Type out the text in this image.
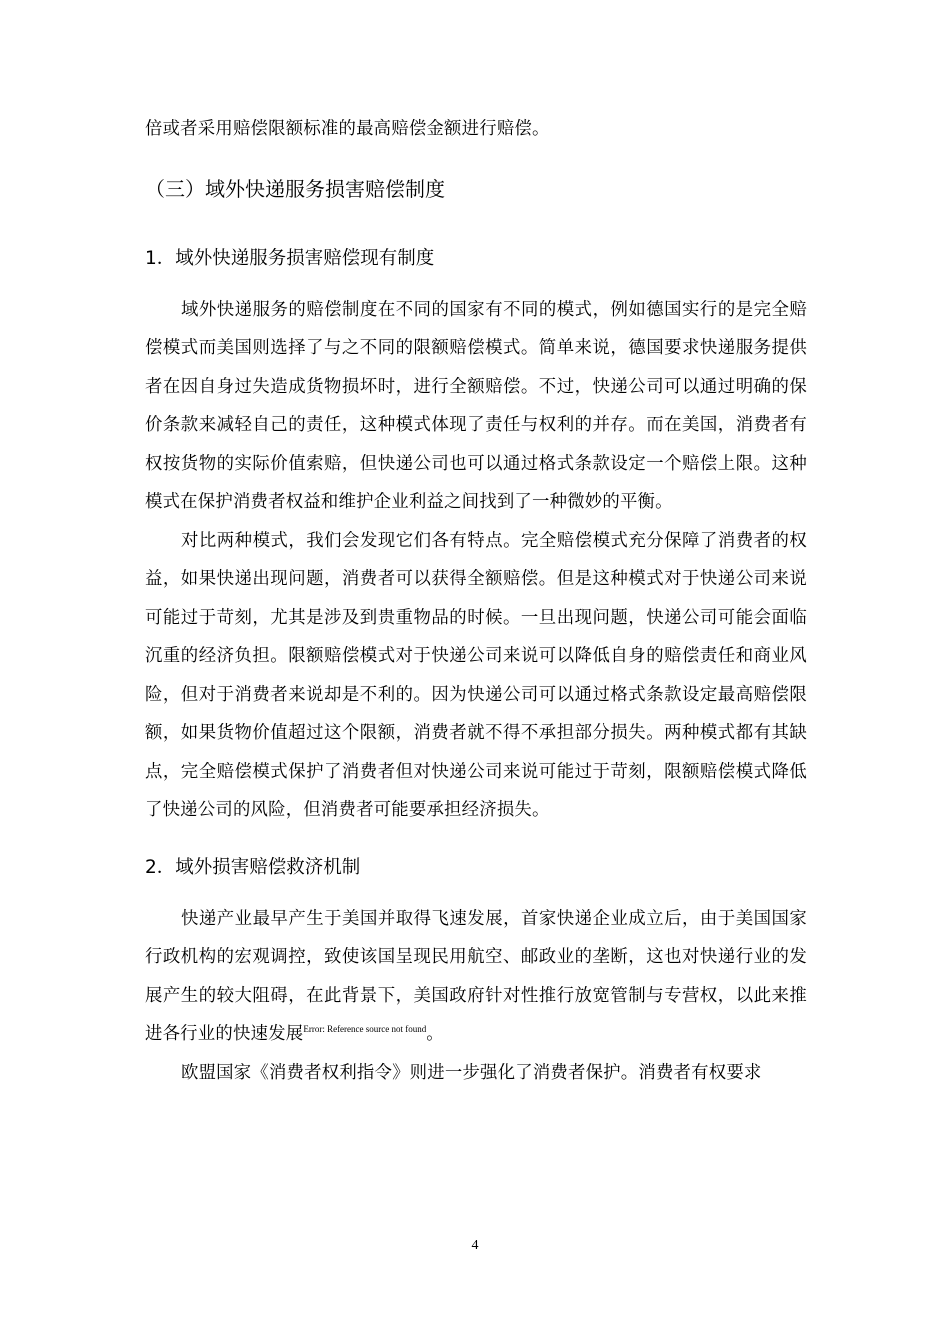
倍或者采用赔偿限额标准的最高赔偿金额进行赔偿。

（三）域外快递服务损害赔偿制度
1．域外快递服务损害赔偿现有制度

域外快递服务的赔偿制度在不同的国家有不同的模式，例如德国实行的是完全赔偿模式而美国则选择了与之不同的限额赔偿模式。简单来说，德国要求快递服务提供者在因自身过失造成货物损坏时，进行全额赔偿。不过，快递公司可以通过明确的保价条款来减轻自己的责任，这种模式体现了责任与权利的并存。而在美国，消费者有权按货物的实际价值索赔，但快递公司也可以通过格式条款设定一个赔偿上限。这种模式在保护消费者权益和维护企业利益之间找到了一种微妙的平衡。

对比两种模式，我们会发现它们各有特点。完全赔偿模式充分保障了消费者的权益，如果快递出现问题，消费者可以获得全额赔偿。但是这种模式对于快递公司来说可能过于苛刻，尤其是涉及到贵重物品的时候。一旦出现问题，快递公司可能会面临沉重的经济负担。限额赔偿模式对于快递公司来说可以降低自身的赔偿责任和商业风险，但对于消费者来说却是不利的。因为快递公司可以通过格式条款设定最高赔偿限额，如果货物价值超过这个限额，消费者就不得不承担部分损失。两种模式都有其缺点，完全赔偿模式保护了消费者但对快递公司来说可能过于苛刻，限额赔偿模式降低了快递公司的风险，但消费者可能要承担经济损失。

2．域外损害赔偿救济机制

快递产业最早产生于美国并取得飞速发展，首家快递企业成立后，由于美国国家行政机构的宏观调控，致使该国呈现民用航空、邮政业的垄断，这也对快递行业的发展产生的较大阻碍，在此背景下，美国政府针对性推行放宽管制与专营权，以此来推进各行业的快速发展$^{Error: Reference source not found}$。

欧盟国家《消费者权利指令》则进一步强化了消费者保护。消费者有权要求

4
